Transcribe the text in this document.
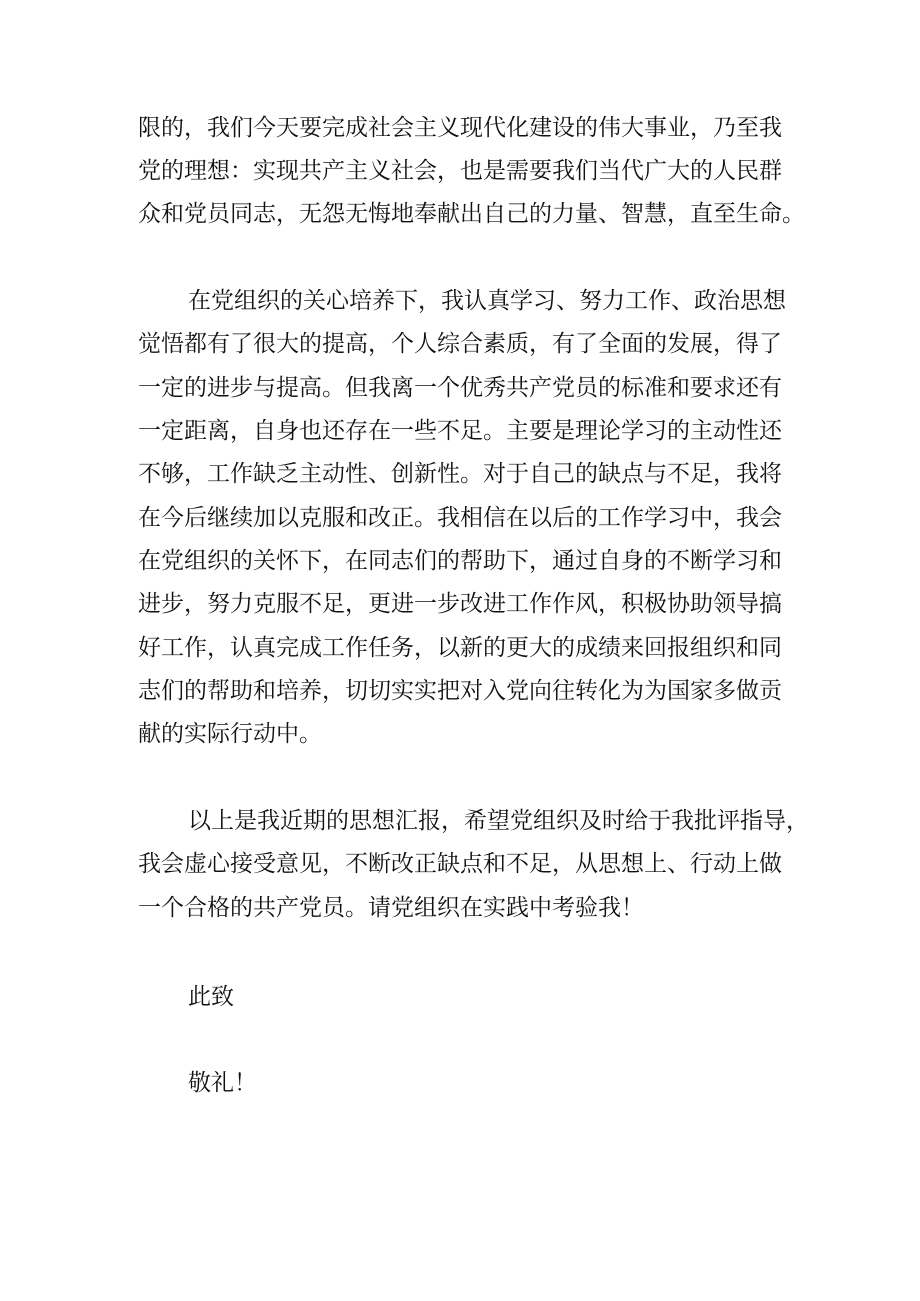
限的，我们今天要完成社会主义现代化建设的伟大事业，乃至我

党的理想：实现共产主义社会，也是需要我们当代广大的人民群

众和党员同志，无怨无悔地奉献出自己的力量、智慧，直至生命。

在党组织的关心培养下，我认真学习、努力工作、政治思想

觉悟都有了很大的提高，个人综合素质，有了全面的发展，得了

一定的进步与提高。但我离一个优秀共产党员的标准和要求还有

一定距离，自身也还存在一些不足。主要是理论学习的主动性还

不够，工作缺乏主动性、创新性。对于自己的缺点与不足，我将

在今后继续加以克服和改正。我相信在以后的工作学习中，我会

在党组织的关怀下，在同志们的帮助下，通过自身的不断学习和

进步，努力克服不足，更进一步改进工作作风，积极协助领导搞

好工作，认真完成工作任务，以新的更大的成绩来回报组织和同

志们的帮助和培养，切切实实把对入党向往转化为为国家多做贡

献的实际行动中。

以上是我近期的思想汇报，希望党组织及时给于我批评指导，

我会虚心接受意见，不断改正缺点和不足，从思想上、行动上做

一个合格的共产党员。请党组织在实践中考验我！

此致

敬礼！
